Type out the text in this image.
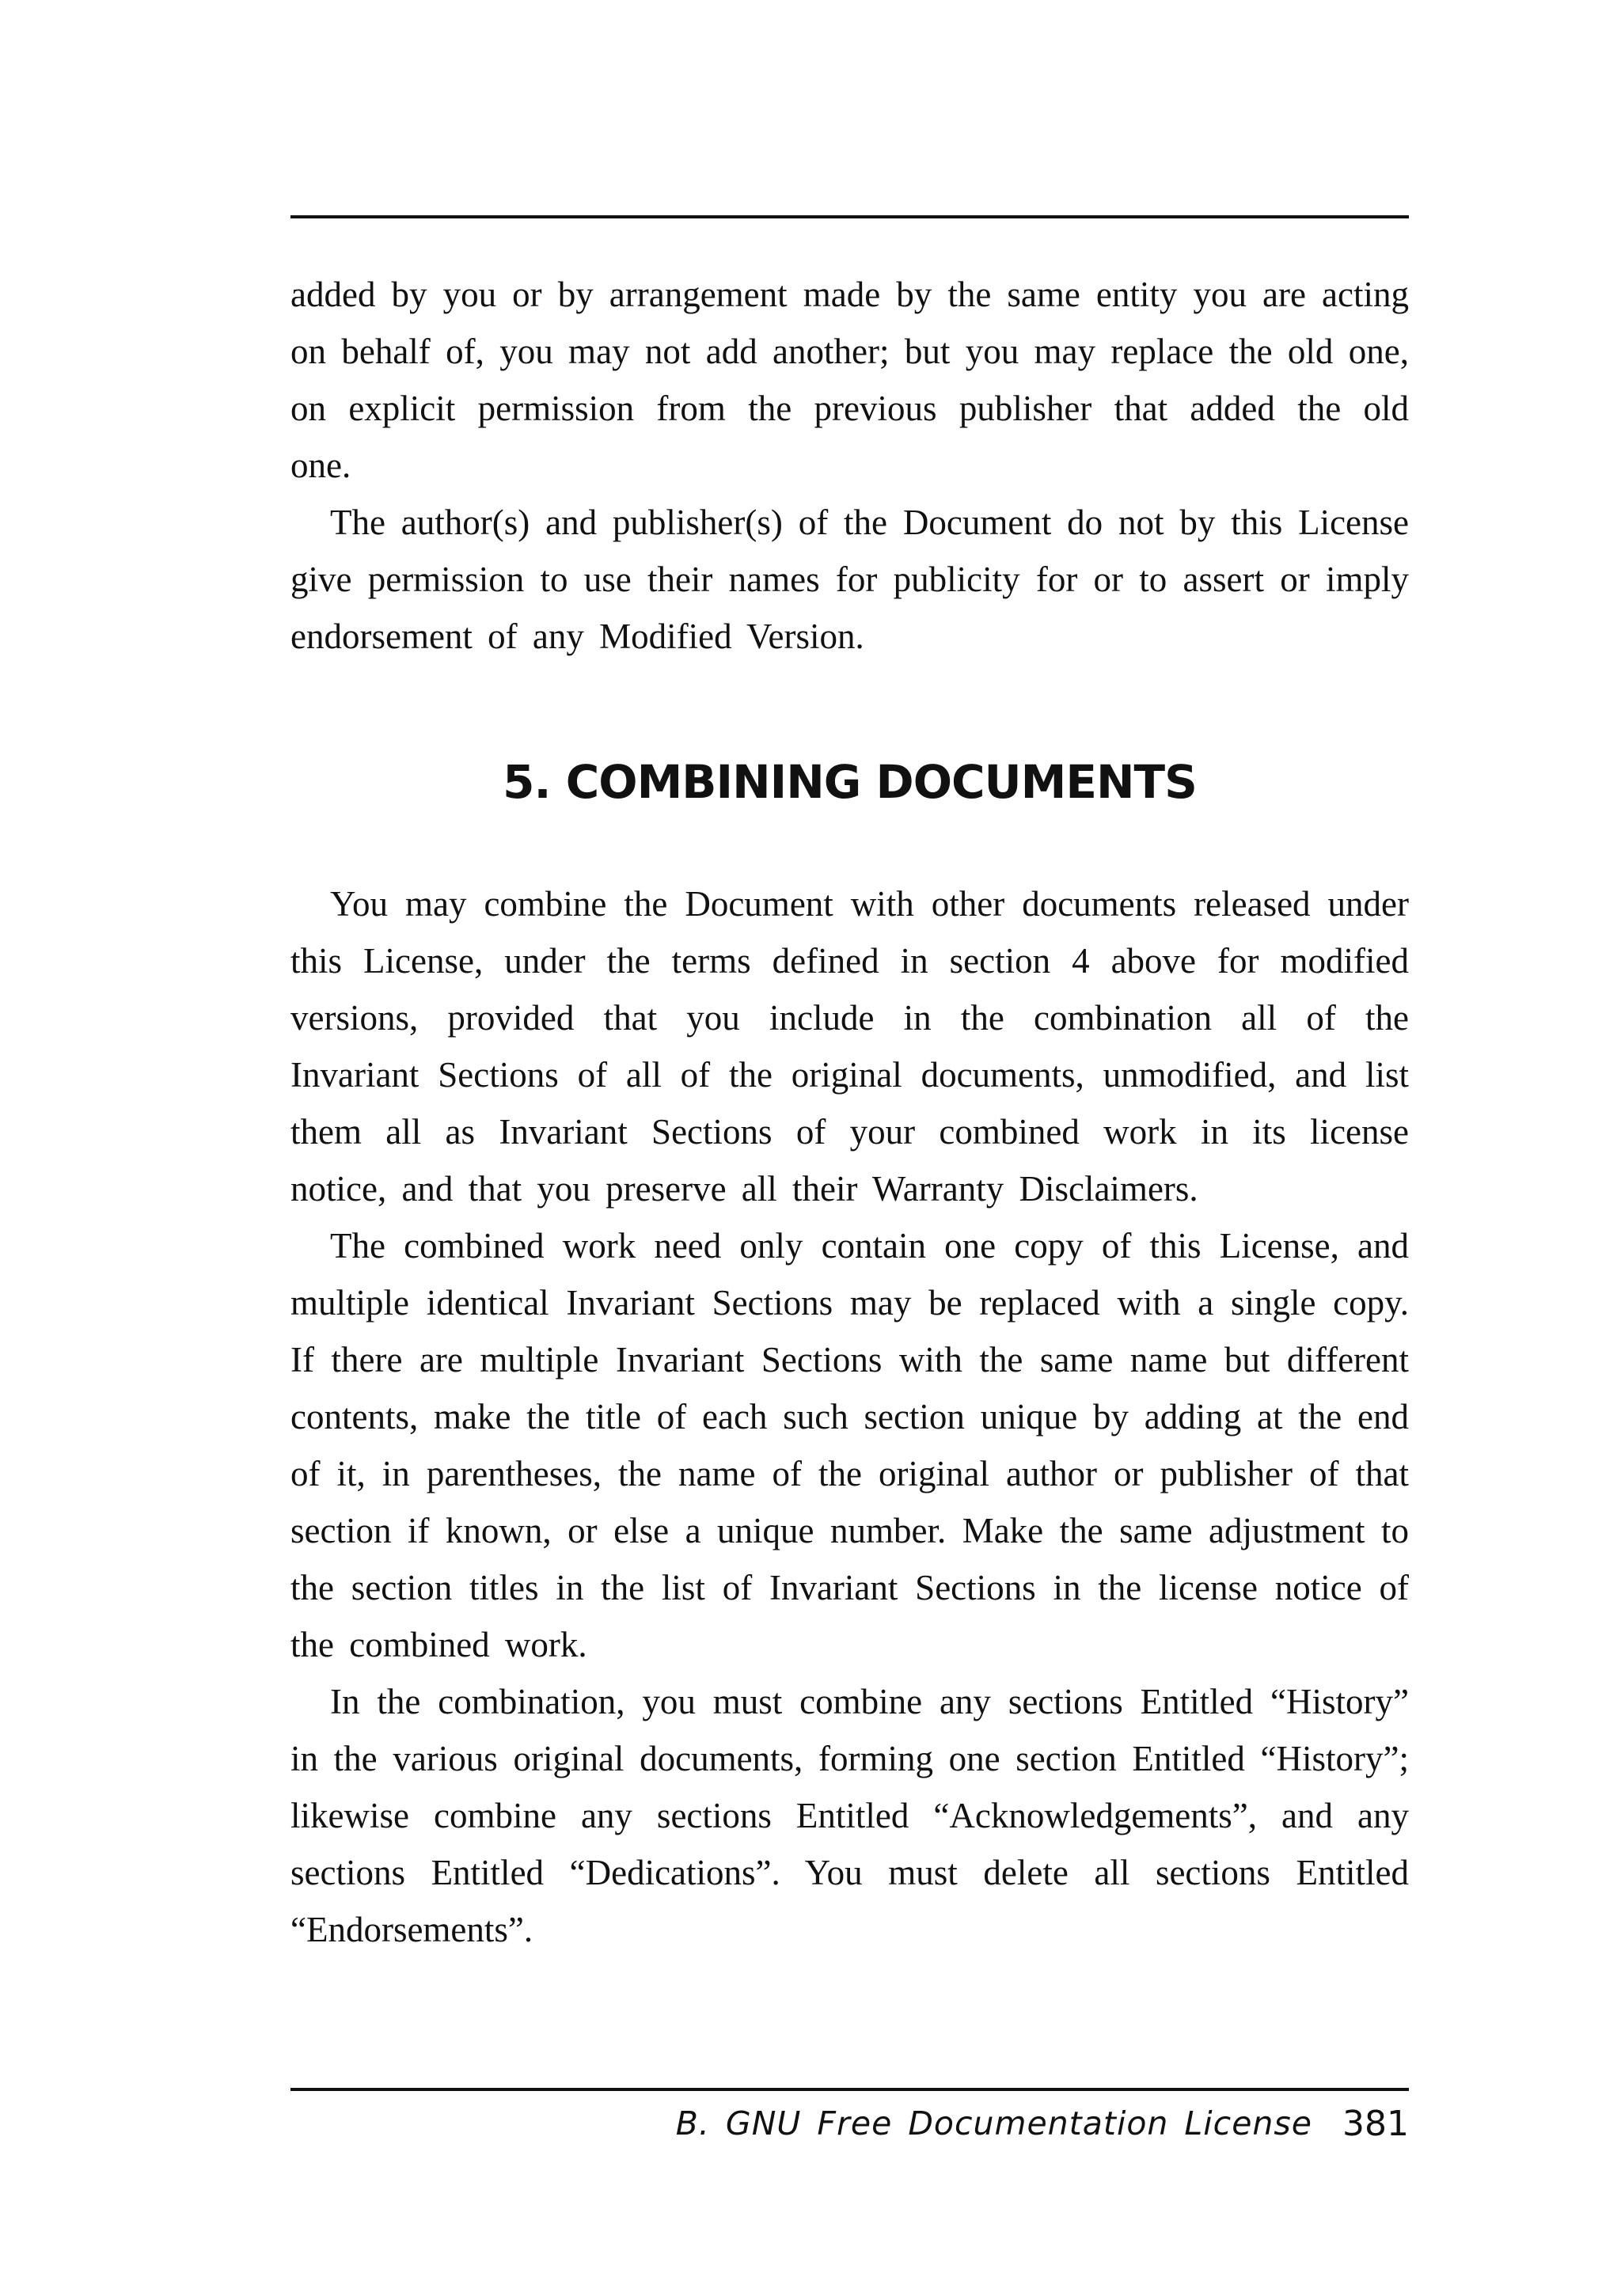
added by you or by arrangement made by the same entity you are acting on behalf of, you may not add another; but you may replace the old one, on explicit permission from the previous publisher that added the old one.

The author(s) and publisher(s) of the Document do not by this License give permission to use their names for publicity for or to assert or imply endorsement of any Modified Version.

5. COMBINING DOCUMENTS

You may combine the Document with other documents released under this License, under the terms defined in section 4 above for modified versions, provided that you include in the combination all of the Invariant Sections of all of the original documents, unmodified, and list them all as Invariant Sections of your combined work in its license notice, and that you preserve all their Warranty Disclaimers.

The combined work need only contain one copy of this License, and multiple identical Invariant Sections may be replaced with a single copy. If there are multiple Invariant Sections with the same name but different contents, make the title of each such section unique by adding at the end of it, in parentheses, the name of the original author or publisher of that section if known, or else a unique number. Make the same adjustment to the section titles in the list of Invariant Sections in the license notice of the combined work.

In the combination, you must combine any sections Entitled “History” in the various original documents, forming one section Entitled “History”; likewise combine any sections Entitled “Acknowledgements”, and any sections Entitled “Dedications”. You must delete all sections Entitled “Endorsements”.

B. GNU Free Documentation License 381
